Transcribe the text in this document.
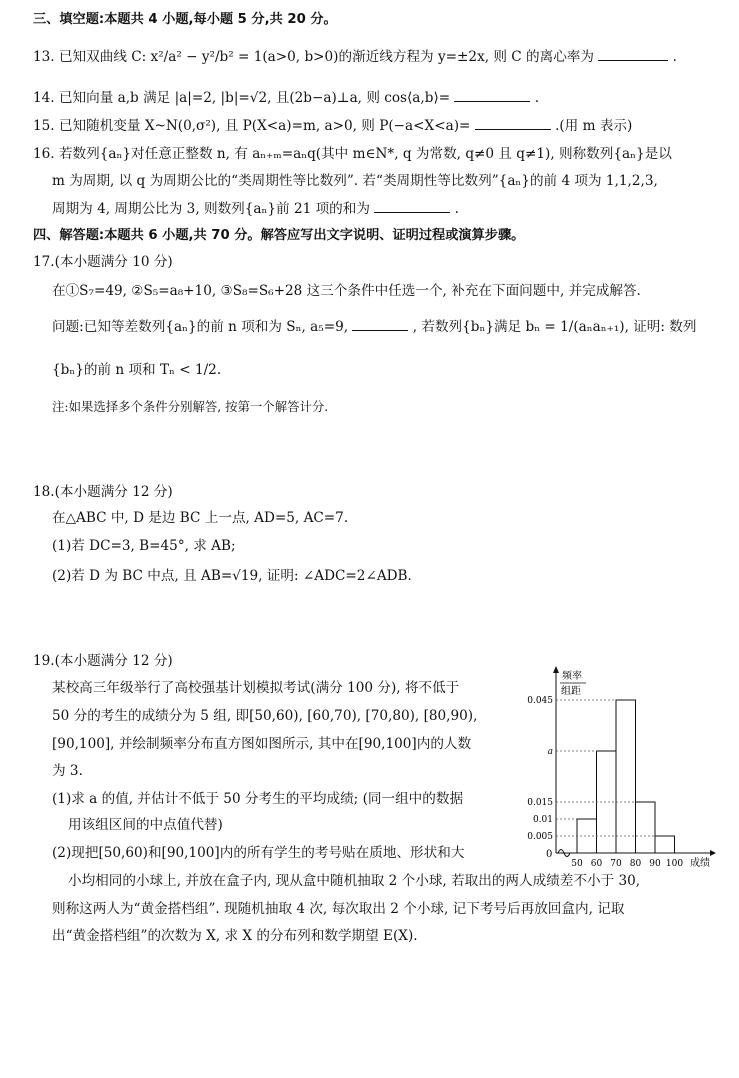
三、填空题:本题共 4 小题,每小题 5 分,共 20 分。
13. 已知双曲线 C: x²/a² − y²/b² = 1(a>0, b>0)的渐近线方程为 y=±2x, 则 C 的离心率为	.
14. 已知向量 a,b 满足 |a|=2, |b|=√2, 且(2b−a)⊥a, 则 cos⟨a,b⟩=	.
15. 已知随机变量 X~N(0,σ²), 且 P(X<a)=m, a>0, 则 P(−a<X<a)=	.(用 m 表示)
16. 若数列{aₙ}对任意正整数 n, 有 aₙ₊ₘ=aₙq(其中 m∈N*, q 为常数, q≠0 且 q≠1), 则称数列{aₙ}是以
m 为周期, 以 q 为周期公比的“类周期性等比数列”. 若“类周期性等比数列”{aₙ}的前 4 项为 1,1,2,3,
周期为 4, 周期公比为 3, 则数列{aₙ}前 21 项的和为	.
四、解答题:本题共 6 小题,共 70 分。解答应写出文字说明、证明过程或演算步骤。
17.(本小题满分 10 分)
在①S₇=49, ②S₅=a₈+10, ③S₈=S₆+28 这三个条件中任选一个, 补充在下面问题中, 并完成解答.
问题:已知等差数列{aₙ}的前 n 项和为 Sₙ, a₅=9,	, 若数列{bₙ}满足 bₙ = 1/(aₙaₙ₊₁), 证明: 数列
{bₙ}的前 n 项和 Tₙ < 1/2.
注:如果选择多个条件分别解答, 按第一个解答计分.
18.(本小题满分 12 分)
在△ABC 中, D 是边 BC 上一点, AD=5, AC=7.
(1)若 DC=3, B=45°, 求 AB;
(2)若 D 为 BC 中点, 且 AB=√19, 证明: ∠ADC=2∠ADB.
19.(本小题满分 12 分)
某校高三年级举行了高校强基计划模拟考试(满分 100 分), 将不低于
50 分的考生的成绩分为 5 组, 即[50,60), [60,70), [70,80), [80,90),
[90,100], 并绘制频率分布直方图如图所示, 其中在[90,100]内的人数
为 3.
(1)求 a 的值, 并估计不低于 50 分考生的平均成绩; (同一组中的数据
用该组区间的中点值代替)
(2)现把[50,60)和[90,100]内的所有学生的考号贴在质地、形状和大
小均相同的小球上, 并放在盒子内, 现从盒中随机抽取 2 个小球, 若取出的两人成绩差不小于 30,
则称这两人为“黄金搭档组”. 现随机抽取 4 次, 每次取出 2 个小球, 记下考号后再放回盒内, 记取
出“黄金搭档组”的次数为 X, 求 X 的分布列和数学期望 E(X).
频率
组距
成绩
0
0.045
a
0.015
0.01
0.005
50 60 70 80 90 100
